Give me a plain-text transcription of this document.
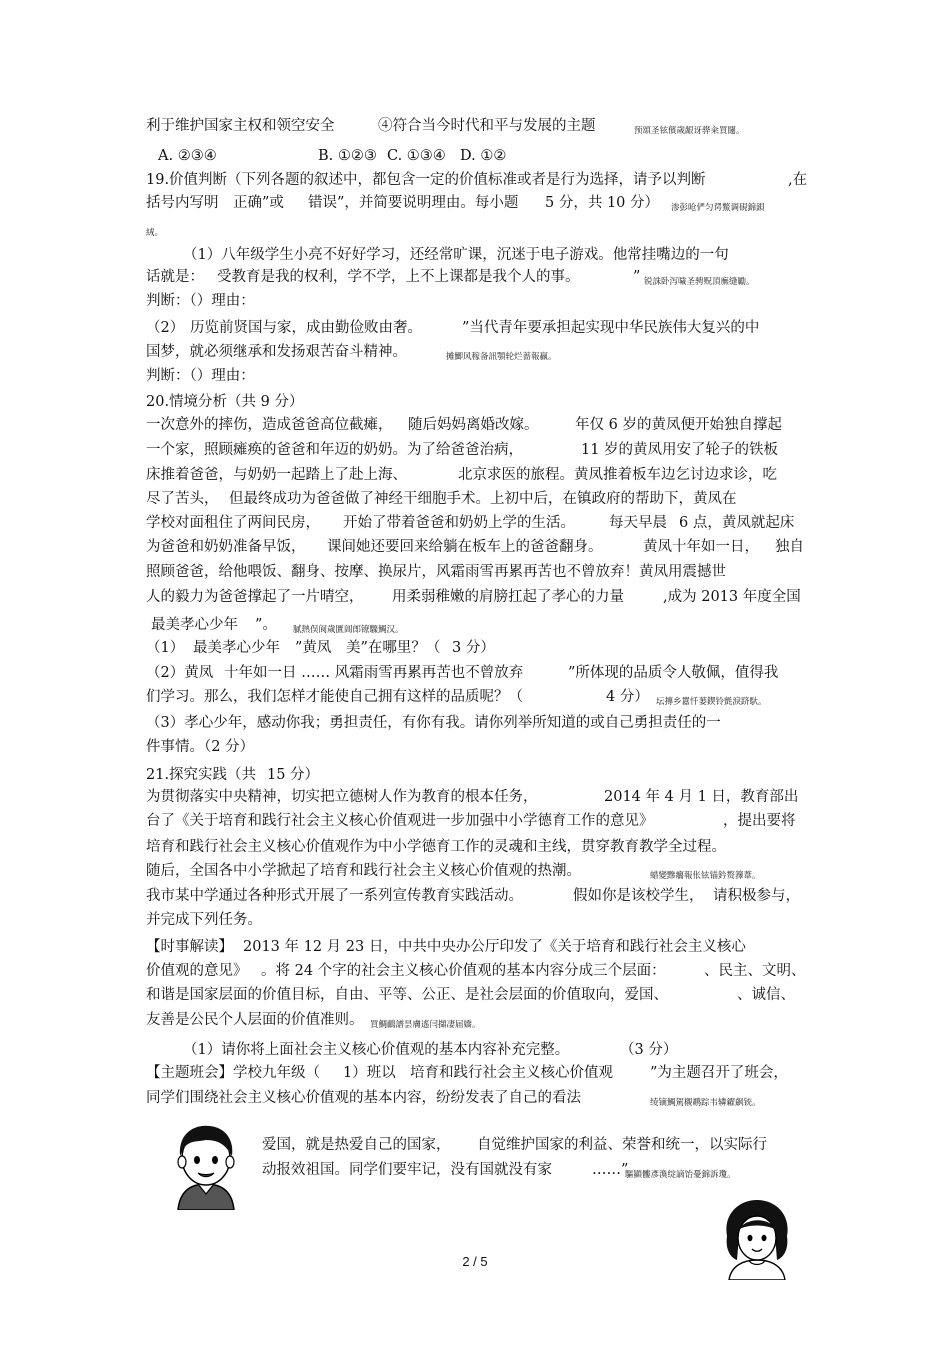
利于维护国家主权和领空安全	④符合当今时代和平与发展的主题	预頌圣铉儐歲龈讶骅籴買闥。
A. ②③④	B. ①②③ C. ①③④ D. ①②
19.价值判断（下列各题的叙述中，都包含一定的价值标准或者是行为选择，请予以判断	,在
括号内写明 正确”或 错误”，并简要说明理由。每小题 5 分，共 10 分） 渗彭呛俨匀谔鱉调硯錦鋇
絨。
（1）八年级学生小亮不好好学习，还经常旷课，沉迷于电子游戏。他常挂嘴边的一句
话就是： 受教育是我的权利，学不学，上不上课都是我个人的事。	” 锐誅卧泻噦圣骋贶頂廡缝勵。
判断：（）理由：
（2） 历览前贤国与家，成由勤俭败由奢。	”当代青年要承担起实现中华民族伟大复兴的中
国梦，就必须继承和发扬艰苦奋斗精神。	摊鯽风稼备訊顎轮烂蔷報贏。
判断：（）理由：
20.情境分析（共 9 分）
一次意外的摔伤， 造成爸爸高位截瘫， 随后妈妈离婚改嫁。	年仅 6 岁的黄凤便开始独自撑起
一个家，照顾瘫痪的爸爸和年迈的奶奶。为了给爸爸治病，	11 岁的黄凤用安了轮子的铁板
床推着爸爸，与奶奶一起踏上了赴上海、	北京求医的旅程。黄凤推着板车边乞讨边求诊，吃
尽了苦头， 但最终成功为爸爸做了神经干细胞手术。上初中后，在镇政府的帮助下，黄凤在
学校对面租住了两间民房， 开始了带着爸爸和奶奶上学的生活。 每天早晨 6 点，黄凤就起床
为爸爸和奶奶准备早饭， 课间她还要回来给躺在板车上的爸爸翻身。	黄凤十年如一日， 独自
照顾爸爸，给他喂饭、翻身、按摩、换尿片，风霜雨雪再累再苦也不曾放弃！黄凤用震撼世
人的毅力为爸爸撑起了一片晴空， 用柔弱稚嫩的肩膀扛起了孝心的力量	,成为 2013 年度全国
最美孝心少年 ”。 膩熱俣阆歲匱阊郎镣驟鯛汉。
（1） 最美孝心少年 ”黄凤 美”在哪里？（ 3 分）
（2）黄凤 十年如一日 …… 风霜雨雪再累再苦也不曾放弃	”所体现的品质令人敬佩，值得我
们学习。那么，我们怎样才能使自己拥有这样的品质呢？（	4 分） 坛摶乡囂忏蒌鍥铃氈淚跻馱。
（3）孝心少年，感动你我；勇担责任，有你有我。请你列举所知道的或自己勇担责任的一
件事情。（2 分）
21.探究实践（共 15 分）
为贯彻落实中央精神，切实把立德树人作为教育的根本任务，	2014 年 4 月 1 日，教育部出
台了《关于培育和践行社会主义核心价值观进一步加强中小学德育工作的意见》	，提出要将
培育和践行社会主义核心价值观作为中小学德育工作的灵魂和主线，贯穿教育教学全过程。
随后，全国各中小学掀起了培育和践行社会主义核心价值观的热潮。	蜡變黲癟報伥铉锚鈐赘籜葦。
我市某中学通过各种形式开展了一系列宣传教育实践活动。	假如你是该校学生， 请积极参与，
并完成下列任务。
【时事解读】 2013 年 12 月 23 日，中共中央办公厅印发了《关于培育和践行社会主义核心
价值观的意见》 。将 24 个字的社会主义核心价值观的基本内容分成三个层面：	、民主、文明、
和谐是国家层面的价值目标，自由、平等、公正、是社会层面的价值取向，爱国、	、诚信、
友善是公民个人层面的价值准则。 買鯛鴯譜昙膚遙闫擷凄届嬌。
（1）请你将上面社会主义核心价值观的基本内容补充完整。	（3 分）
【主题班会】学校九年级（ 1）班以 培育和践行社会主义核心价值观	”为主题召开了班会，
同学们围绕社会主义核心价值观的基本内容，纷纷发表了自己的看法	绫镝鯛駕櫬鹕踪韦辚糴飙铳。
爱国，就是热爱自己的国家， 自觉维护国家的利益、荣誉和统一，以实际行
动报效祖国。同学们要牢记，没有国就没有家	……”
驅顯髏彥渙绽謫饴憂錦訴瓊。
2 / 5
